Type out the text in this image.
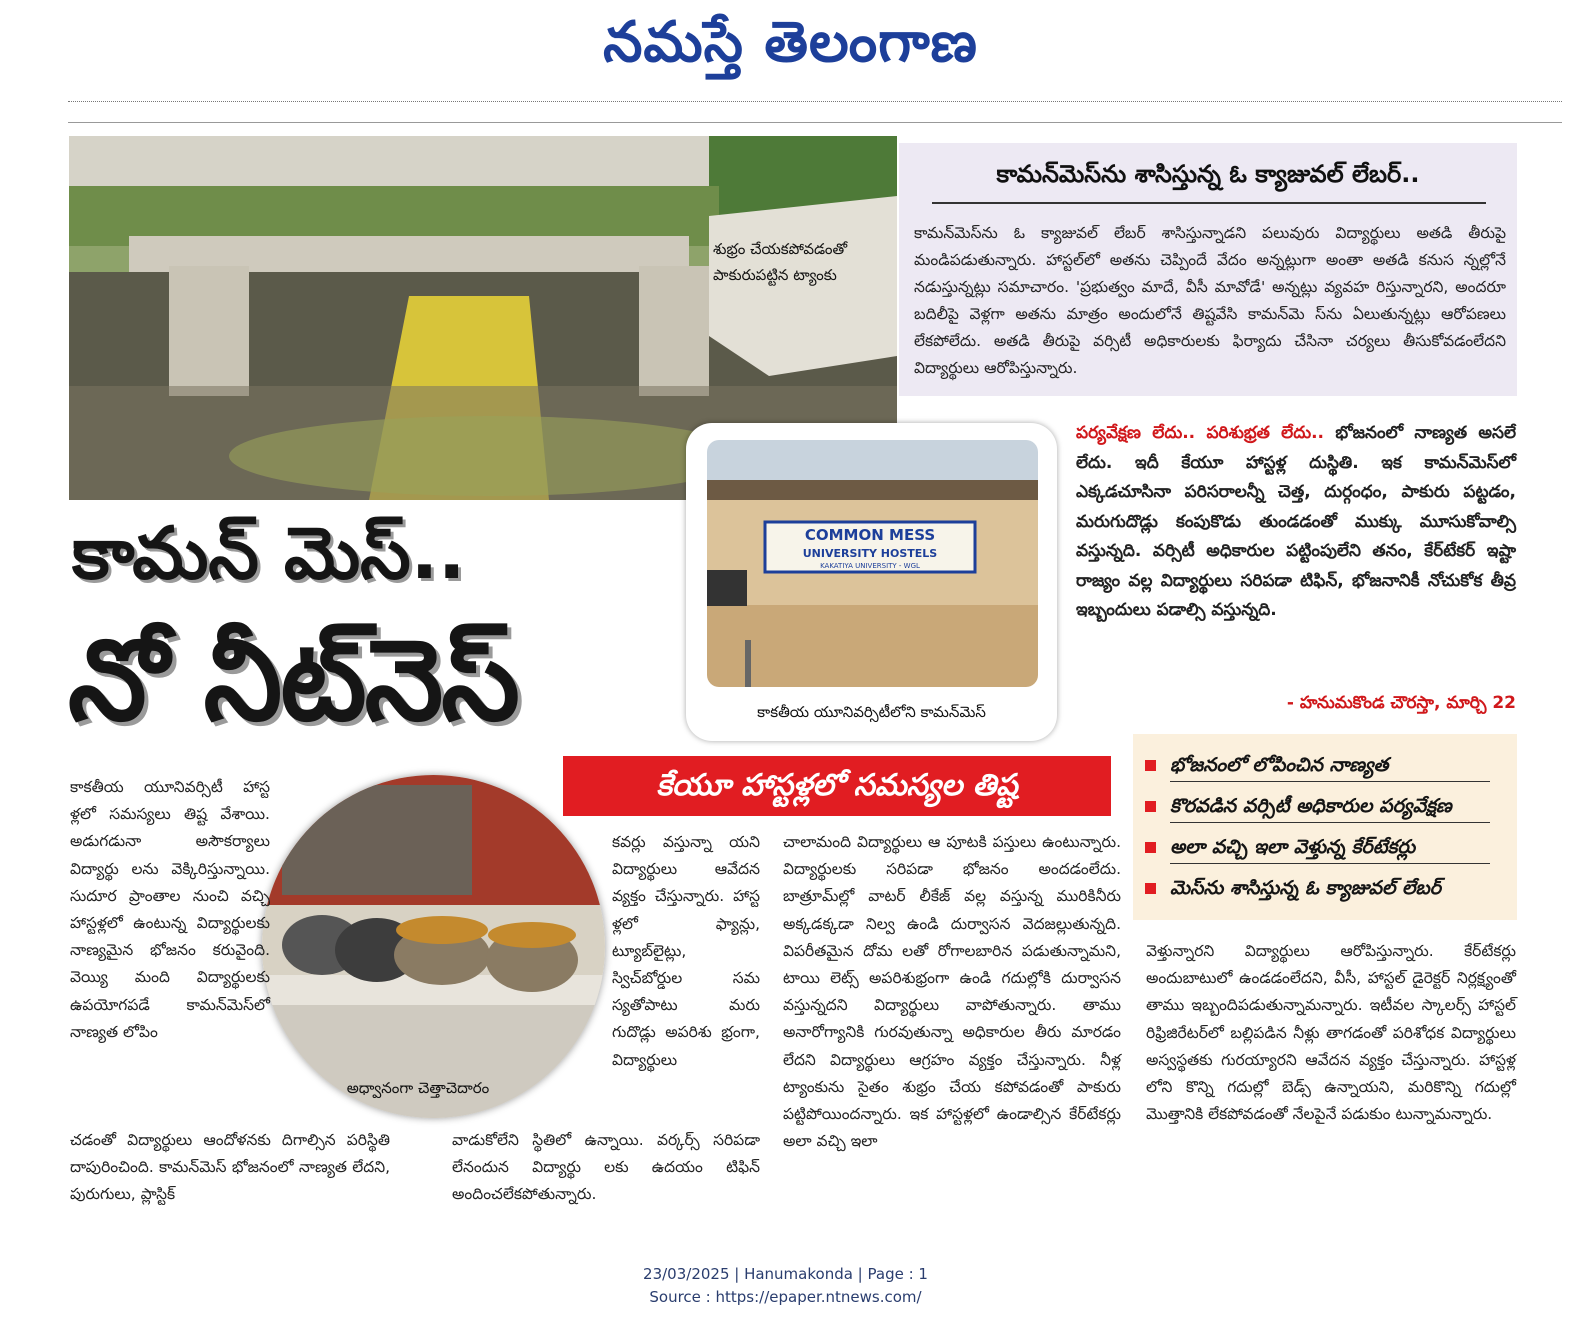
నమస్తే తెలంగాణ
శుభ్రం చేయకపోవడంతో పాకురుపట్టిన ట్యాంకు
కామన్‌మెస్‌ను శాసిస్తున్న ఓ క్యాజువల్ లేబర్..
కామన్‌మెస్‌ను ఓ క్యాజువల్ లేబర్ శాసిస్తున్నాడని పలువురు విద్యార్థులు అతడి తీరుపై మండిపడుతున్నారు. హాస్టల్‌లో అతను చెప్పిందే వేదం అన్నట్లుగా అంతా అతడి కనుస న్నల్లోనే నడుస్తున్నట్లు సమాచారం. 'ప్రభుత్వం మాదే, వీసీ మావోడే' అన్నట్లు వ్యవహ రిస్తున్నారని, అందరూ బదిలీపై వెళ్లగా అతను మాత్రం అందులోనే తిష్టవేసి కామన్‌మె స్‌ను ఏలుతున్నట్లు ఆరోపణలు లేకపోలేదు. అతడి తీరుపై వర్సిటీ అధికారులకు ఫిర్యాదు చేసినా చర్యలు తీసుకోవడంలేదని విద్యార్థులు ఆరోపిస్తున్నారు.
పర్యవేక్షణ లేదు.. పరిశుభ్రత లేదు.. భోజనంలో నాణ్యత అసలే లేదు. ఇదీ కేయూ హాస్టళ్ల దుస్థితి. ఇక కామన్‌మెస్‌లో ఎక్కడచూసినా పరిసరాలన్నీ చెత్త, దుర్గంధం, పాకురు పట్టడం, మరుగుదొడ్లు కంపుకొడు తుండడంతో ముక్కు మూసుకోవాల్సి వస్తున్నది. వర్సిటీ అధికారుల పట్టింపులేని తనం, కేర్‌టేకర్ ఇష్టా రాజ్యం వల్ల విద్యార్థులు సరిపడా టిఫిన్, భోజనానికీ నోచుకోక తీవ్ర ఇబ్బందులు పడాల్సి వస్తున్నది.
- హనుమకొండ చౌరస్తా, మార్చి 22
COMMON MESS
UNIVERSITY HOSTELS
KAKATIYA UNIVERSITY - WGL
కాకతీయ యూనివర్సిటీలోని కామన్‌మెస్
కామన్ మెస్..
నో నీట్‌నెస్
కేయూ హాస్టళ్లలో సమస్యల తిష్ట
భోజనంలో లోపించిన నాణ్యత
కొరవడిన వర్సిటీ అధికారుల పర్యవేక్షణ
అలా వచ్చి ఇలా వెళ్తున్న కేర్‌టేకర్లు
మెస్‌ను శాసిస్తున్న ఓ క్యాజువల్ లేబర్
అధ్వానంగా చెత్తాచెదారం
కాకతీయ యూనివర్సిటీ హాస్ట ళ్లలో సమస్యలు తిష్ట వేశాయి. అడుగడునా అసౌకర్యాలు విద్యార్థు లను వెక్కిరిస్తున్నాయి. సుదూర ప్రాంతాల నుంచి వచ్చి హాస్టళ్లలో ఉంటున్న విద్యార్థులకు నాణ్యమైన భోజనం కరువైంది. వెయ్యి మంది విద్యార్థులకు ఉపయోగపడే కామన్‌మెస్‌లో నాణ్యత లోపిం
చడంతో విద్యార్థులు ఆందోళనకు దిగాల్సిన పరిస్థితి దాపురించింది. కామన్‌మెస్ భోజనంలో నాణ్యత లేదని, పురుగులు, ప్లాస్టిక్
కవర్లు వస్తున్నా యని విద్యార్థులు ఆవేదన వ్యక్తం చేస్తున్నారు. హాస్ట ళ్లలో ఫ్యాన్లు, ట్యూబ్‌లైట్లు, స్విచ్‌బోర్డుల సమ స్యతోపాటు మరు గుదొడ్లు అపరిశు భ్రంగా, విద్యార్థులు
వాడుకోలేని స్థితిలో ఉన్నాయి. వర్కర్స్ సరిపడా లేనందున విద్యార్థు లకు ఉదయం టిఫిన్ అందించలేకపోతున్నారు.
చాలామంది విద్యార్థులు ఆ పూటకి పస్తులు ఉంటున్నారు. విద్యార్థులకు సరిపడా భోజనం అందడంలేదు. బాత్రూమ్‌ల్లో వాటర్ లీకేజ్ వల్ల వస్తున్న మురికినీరు అక్కడక్కడా నిల్వ ఉండి దుర్వాసన వెదజల్లుతున్నది. విపరీతమైన దోమ లతో రోగాలబారిన పడుతున్నామని, టాయి లెట్స్ అపరిశుభ్రంగా ఉండి గదుల్లోకి దుర్వాసన వస్తున్నదని విద్యార్థులు వాపోతున్నారు. తాము అనారోగ్యానికి గురవుతున్నా అధికారుల తీరు మారడం లేదని విద్యార్థులు ఆగ్రహం వ్యక్తం చేస్తున్నారు. నీళ్ల ట్యాంకును సైతం శుభ్రం చేయ కపోవడంతో పాకురు పట్టిపోయిందన్నారు. ఇక హాస్టళ్లలో ఉండాల్సిన కేర్‌టేకర్లు అలా వచ్చి ఇలా
వెళ్తున్నారని విద్యార్థులు ఆరోపిస్తున్నారు. కేర్‌టేకర్లు అందుబాటులో ఉండడంలేదని, వీసీ, హాస్టల్ డైరెక్టర్ నిర్లక్ష్యంతో తాము ఇబ్బందిపడుతున్నామన్నారు. ఇటీవల స్కాలర్స్ హాస్టల్ రిఫ్రిజిరేటర్‌లో బల్లిపడిన నీళ్లు తాగడంతో పరిశోధక విద్యార్థులు అస్వస్థతకు గురయ్యారని ఆవేదన వ్యక్తం చేస్తున్నారు. హాస్టళ్ల లోని కొన్ని గదుల్లో బెడ్స్ ఉన్నాయని, మరికొన్ని గదుల్లో మొత్తానికి లేకపోవడంతో నేలపైనే పడుకుం టున్నామన్నారు.
23/03/2025 | Hanumakonda | Page : 1
Source : https://epaper.ntnews.com/
